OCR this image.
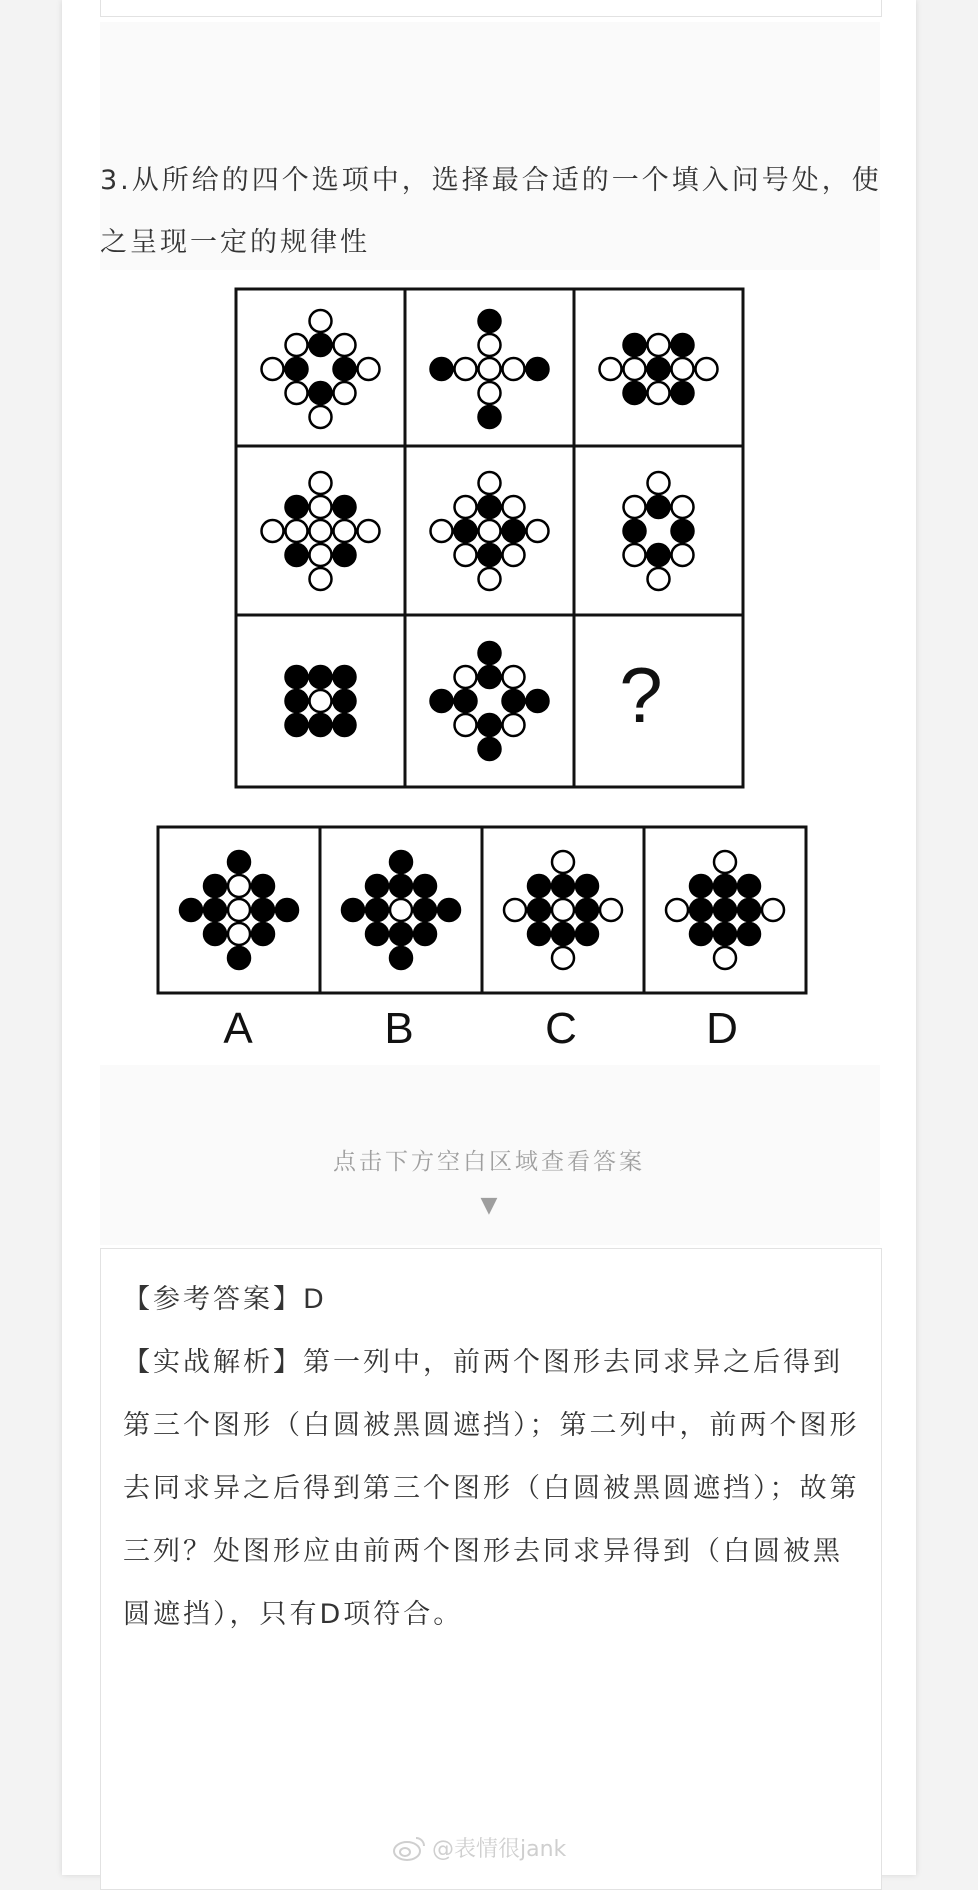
3.从所给的四个选项中，选择最合适的一个填入问号处，使之呈现一定的规律性
?
A	B	C	D
点击下方空白区域查看答案
▼
【参考答案】D
【实战解析】第一列中，前两个图形去同求异之后得到第三个图形（白圆被黑圆遮挡）；第二列中，前两个图形去同求异之后得到第三个图形（白圆被黑圆遮挡）；故第三列？处图形应由前两个图形去同求异得到（白圆被黑圆遮挡），只有D项符合。
@表情很jank
